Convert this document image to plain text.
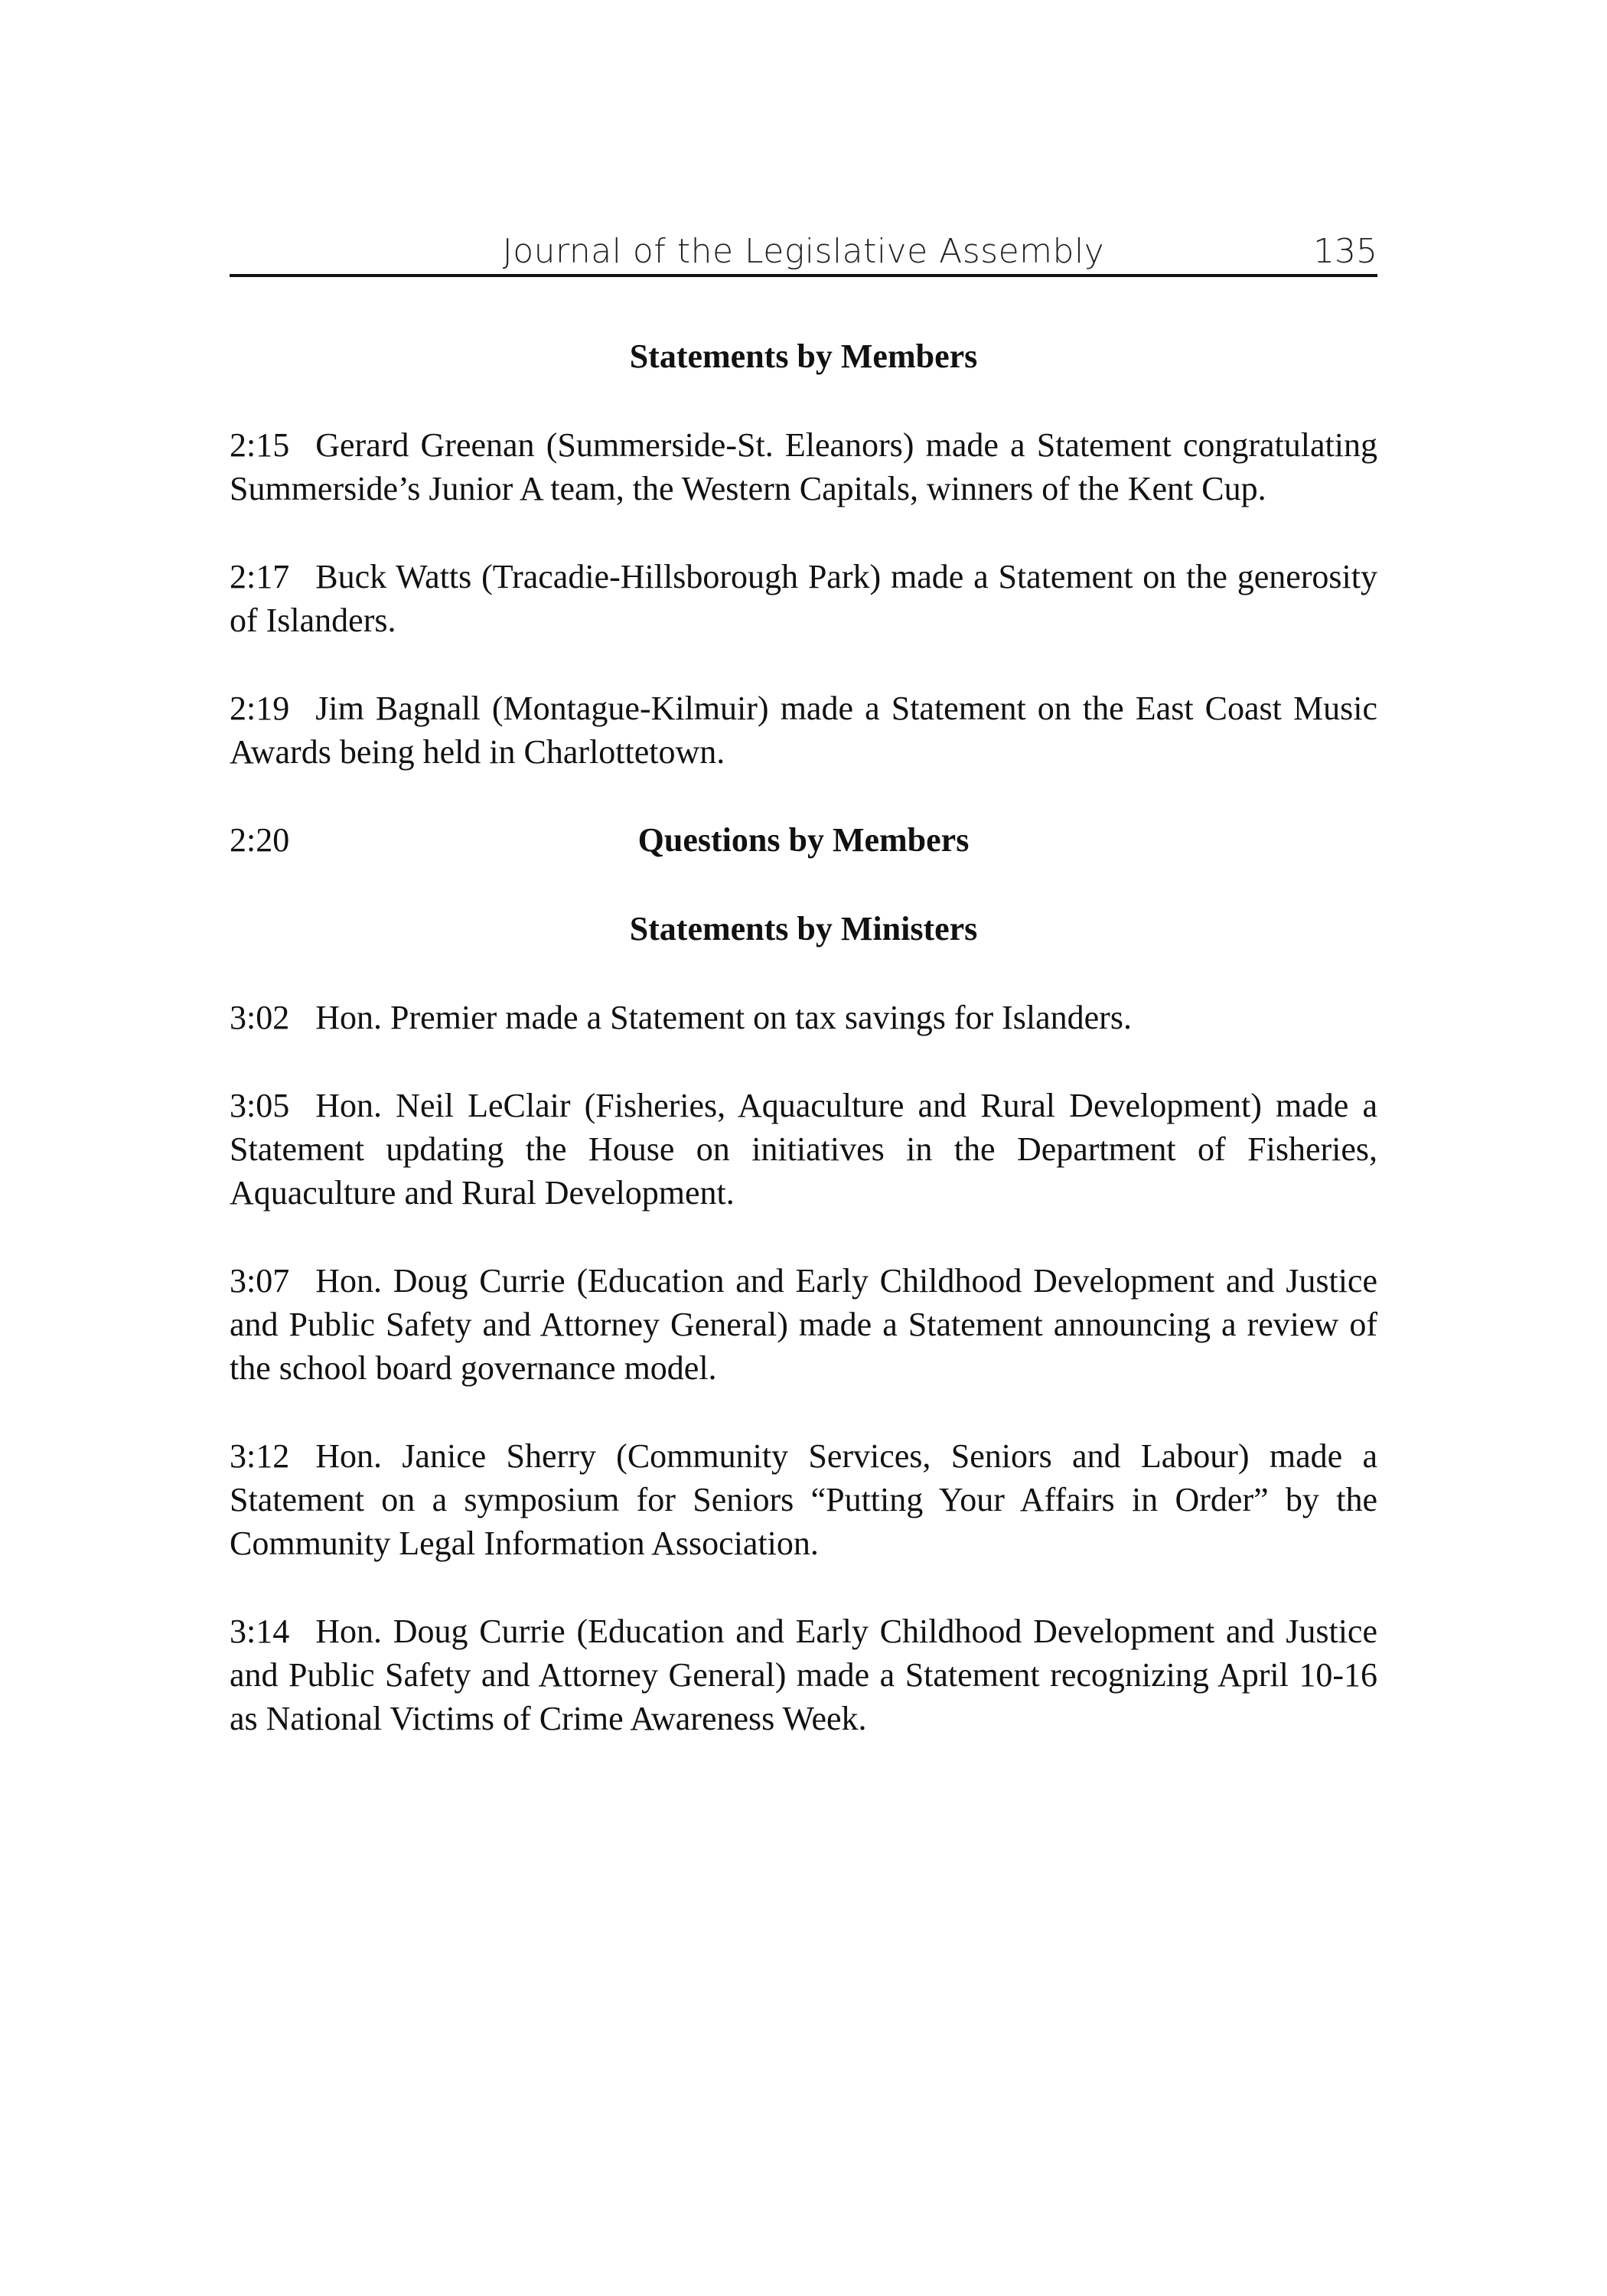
Journal of the Legislative Assembly	135

Statements by Members

2:15 Gerard Greenan (Summerside-St. Eleanors) made a Statement congratulating Summerside’s Junior A team, the Western Capitals, winners of the Kent Cup.

2:17 Buck Watts (Tracadie-Hillsborough Park) made a Statement on the generosity of Islanders.

2:19 Jim Bagnall (Montague-Kilmuir) made a Statement on the East Coast Music Awards being held in Charlottetown.

2:20	Questions by Members

Statements by Ministers

3:02 Hon. Premier made a Statement on tax savings for Islanders.

3:05 Hon. Neil LeClair (Fisheries, Aquaculture and Rural Development) made a Statement updating the House on initiatives in the Department of Fisheries, Aquaculture and Rural Development.

3:07 Hon. Doug Currie (Education and Early Childhood Development and Justice and Public Safety and Attorney General) made a Statement announcing a review of the school board governance model.

3:12 Hon. Janice Sherry (Community Services, Seniors and Labour) made a Statement on a symposium for Seniors “Putting Your Affairs in Order” by the Community Legal Information Association.

3:14 Hon. Doug Currie (Education and Early Childhood Development and Justice and Public Safety and Attorney General) made a Statement recognizing April 10-16 as National Victims of Crime Awareness Week.
